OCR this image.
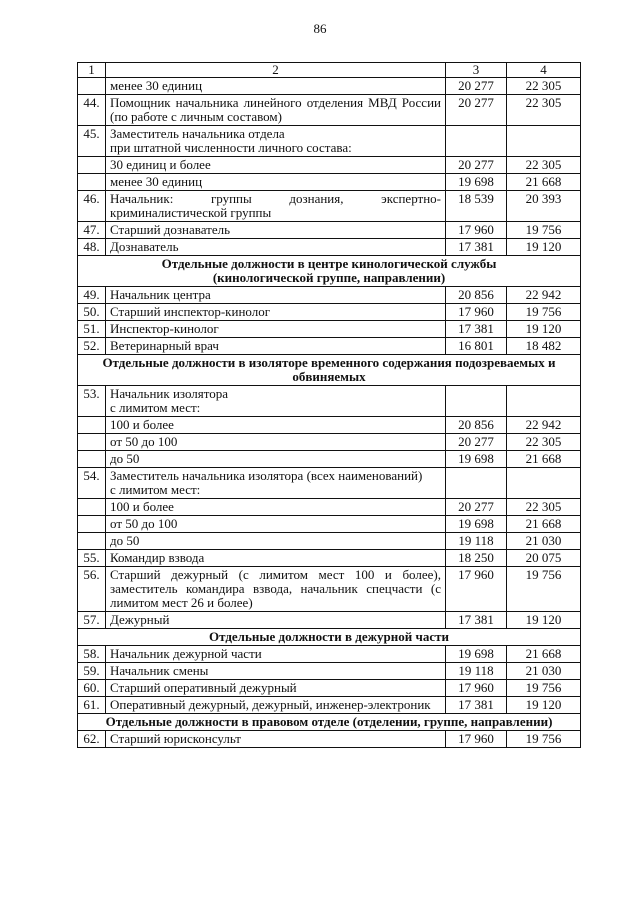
86
1	2	3	4
	менее 30 единиц	20 277	22 305
44.	Помощник начальника линейного отделения МВД России (по работе с личным составом)	20 277	22 305
45.	Заместитель начальника отдела
при штатной численности личного состава:		
	30 единиц и более	20 277	22 305
	менее 30 единиц	19 698	21 668
46.	Начальник: группы дознания, экспертно-криминалистической группы	18 539	20 393
47.	Старший дознаватель	17 960	19 756
48.	Дознаватель	17 381	19 120
Отдельные должности в центре кинологической службы
(кинологической группе, направлении)			
49.	Начальник центра	20 856	22 942
50.	Старший инспектор-кинолог	17 960	19 756
51.	Инспектор-кинолог	17 381	19 120
52.	Ветеринарный врач	16 801	18 482
Отдельные должности в изоляторе временного содержания подозреваемых и обвиняемых			
53.	Начальник изолятора
с лимитом мест:		
	100 и более	20 856	22 942
	от 50 до 100	20 277	22 305
	до 50	19 698	21 668
54.	Заместитель начальника изолятора (всех наименований)
с лимитом мест:		
	100 и более	20 277	22 305
	от 50 до 100	19 698	21 668
	до 50	19 118	21 030
55.	Командир взвода	18 250	20 075
56.	Старший дежурный (с лимитом мест 100 и более), заместитель командира взвода, начальник спецчасти (с лимитом мест 26 и более)	17 960	19 756
57.	Дежурный	17 381	19 120
Отдельные должности в дежурной части			
58.	Начальник дежурной части	19 698	21 668
59.	Начальник смены	19 118	21 030
60.	Старший оперативный дежурный	17 960	19 756
61.	Оперативный дежурный, дежурный, инженер-электроник	17 381	19 120
Отдельные должности в правовом отделе (отделении, группе, направлении)			
62.	Старший юрисконсульт	17 960	19 756
